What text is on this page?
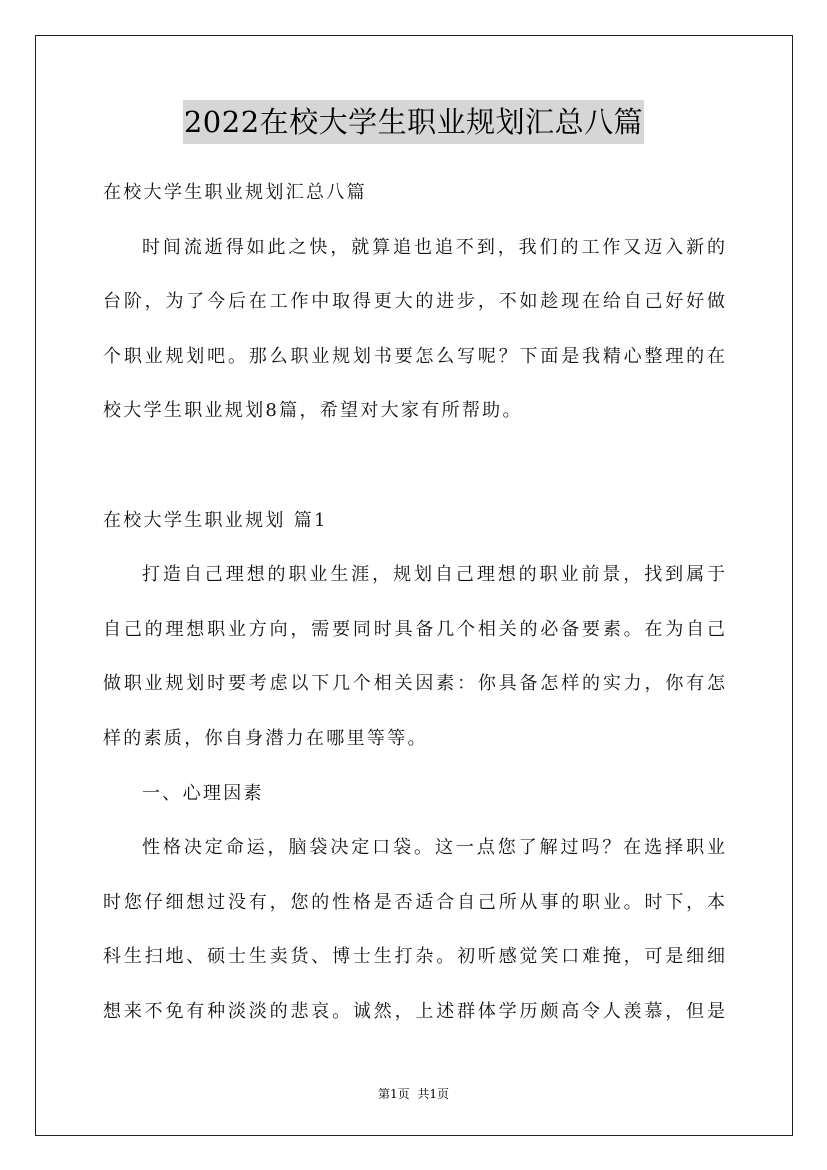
2022在校大学生职业规划汇总八篇
在校大学生职业规划汇总八篇
时间流逝得如此之快，就算追也追不到，我们的工作又迈入新的
台阶，为了今后在工作中取得更大的进步，不如趁现在给自己好好做
个职业规划吧。那么职业规划书要怎么写呢？下面是我精心整理的在
校大学生职业规划8篇，希望对大家有所帮助。
在校大学生职业规划 篇1
打造自己理想的职业生涯，规划自己理想的职业前景，找到属于
自己的理想职业方向，需要同时具备几个相关的必备要素。在为自己
做职业规划时要考虑以下几个相关因素：你具备怎样的实力，你有怎
样的素质，你自身潜力在哪里等等。
一、心理因素
性格决定命运，脑袋决定口袋。这一点您了解过吗？在选择职业
时您仔细想过没有，您的性格是否适合自己所从事的职业。时下，本
科生扫地、硕士生卖货、博士生打杂。初听感觉笑口难掩，可是细细
想来不免有种淡淡的悲哀。诚然，上述群体学历颇高令人羡慕，但是
第1页 共1页
